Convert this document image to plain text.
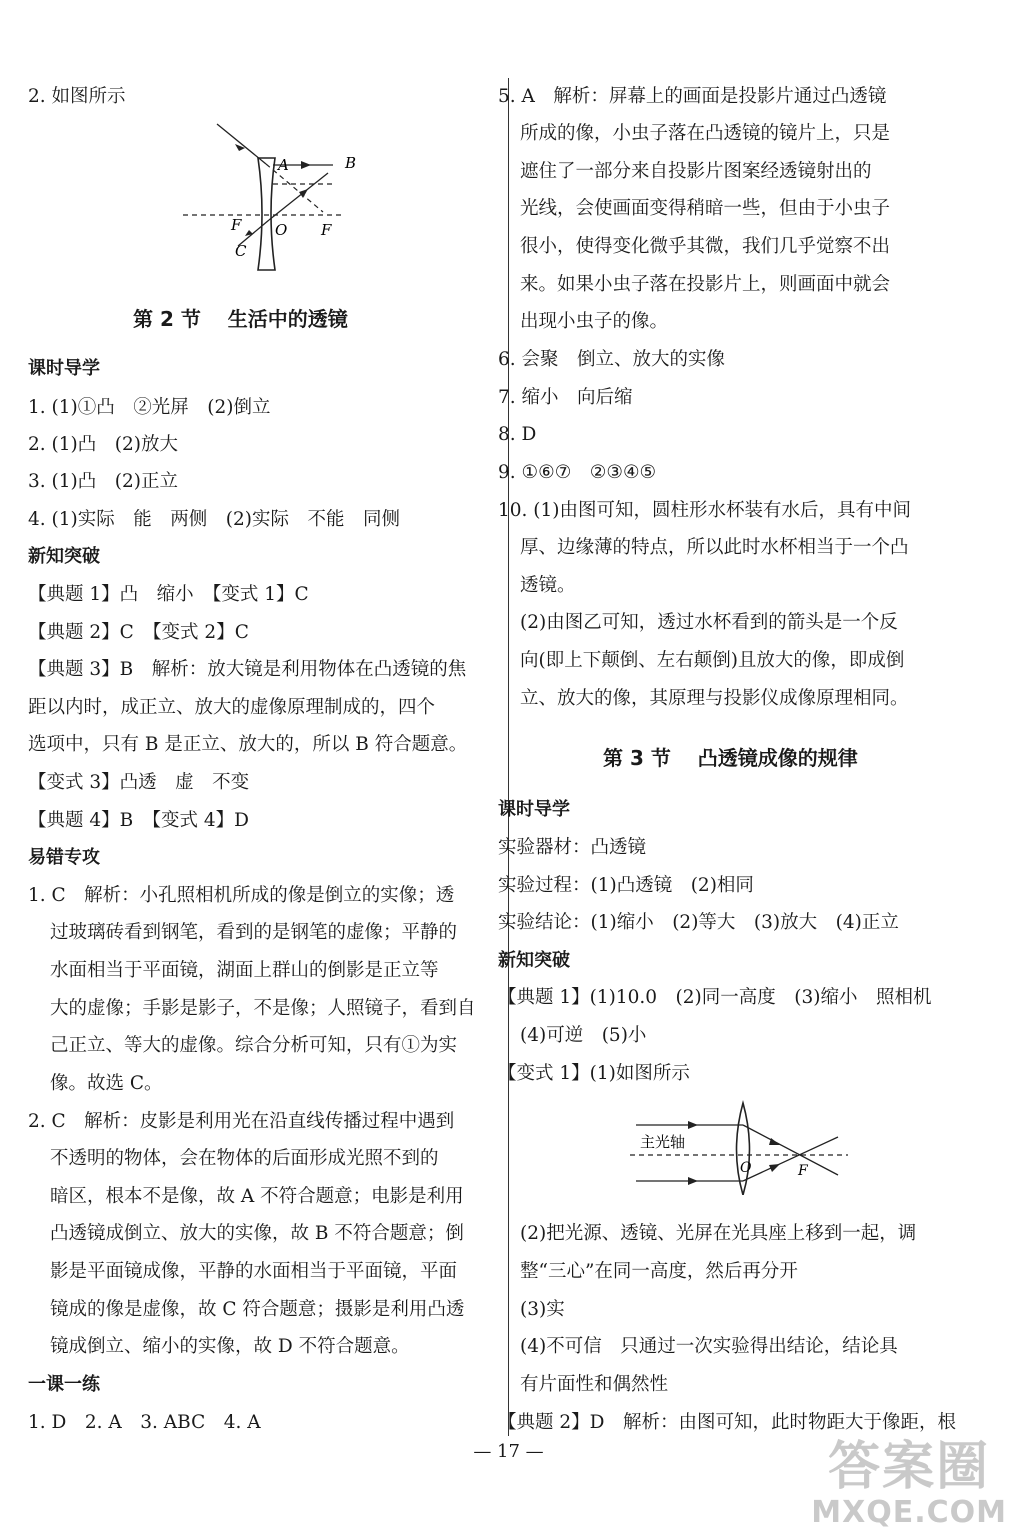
2. 如图所示
A	B
F O F
C
第 2 节　 生活中的透镜
课时导学
1. (1)①凸　②光屏　(2)倒立
2. (1)凸　(2)放大
3. (1)凸　(2)正立
4. (1)实际　能　两侧　(2)实际　不能　同侧
新知突破
【典题 1】凸　缩小　【变式 1】C
【典题 2】C　【变式 2】C
【典题 3】B　解析：放大镜是利用物体在凸透镜的焦
距以内时，成正立、放大的虚像原理制成的，四个
选项中，只有 B 是正立、放大的，所以 B 符合题意。
【变式 3】凸透　虚　不变
【典题 4】B　【变式 4】D
易错专攻
1. C　解析：小孔照相机所成的像是倒立的实像；透
过玻璃砖看到钢笔，看到的是钢笔的虚像；平静的
水面相当于平面镜，湖面上群山的倒影是正立等
大的虚像；手影是影子，不是像；人照镜子，看到自
己正立、等大的虚像。综合分析可知，只有①为实
像。故选 C。
2. C　解析：皮影是利用光在沿直线传播过程中遇到
不透明的物体，会在物体的后面形成光照不到的
暗区，根本不是像，故 A 不符合题意；电影是利用
凸透镜成倒立、放大的实像，故 B 不符合题意；倒
影是平面镜成像，平静的水面相当于平面镜，平面
镜成的像是虚像，故 C 符合题意；摄影是利用凸透
镜成倒立、缩小的实像，故 D 不符合题意。
一课一练
1. D　2. A　3. ABC　4. A
5. A　解析：屏幕上的画面是投影片通过凸透镜
所成的像，小虫子落在凸透镜的镜片上，只是
遮住了一部分来自投影片图案经透镜射出的
光线，会使画面变得稍暗一些，但由于小虫子
很小，使得变化微乎其微，我们几乎觉察不出
来。如果小虫子落在投影片上，则画面中就会
出现小虫子的像。
6. 会聚　倒立、放大的实像
7. 缩小　向后缩
8. D
9. ①⑥⑦　②③④⑤
10. (1)由图可知，圆柱形水杯装有水后，具有中间
厚、边缘薄的特点，所以此时水杯相当于一个凸
透镜。
(2)由图乙可知，透过水杯看到的箭头是一个反
向(即上下颠倒、左右颠倒)且放大的像，即成倒
立、放大的像，其原理与投影仪成像原理相同。
第 3 节　 凸透镜成像的规律
课时导学
实验器材：凸透镜
实验过程：(1)凸透镜　(2)相同
实验结论：(1)缩小　(2)等大　(3)放大　(4)正立
新知突破
【典题 1】(1)10.0　(2)同一高度　(3)缩小　照相机
(4)可逆　(5)小
【变式 1】(1)如图所示
主光轴
O	F
(2)把光源、透镜、光屏在光具座上移到一起，调
整“三心”在同一高度，然后再分开
(3)实
(4)不可信　只通过一次实验得出结论，结论具
有片面性和偶然性
【典题 2】D　解析：由图可知，此时物距大于像距，根
— 17 —	答案圈
MXQE.COM
